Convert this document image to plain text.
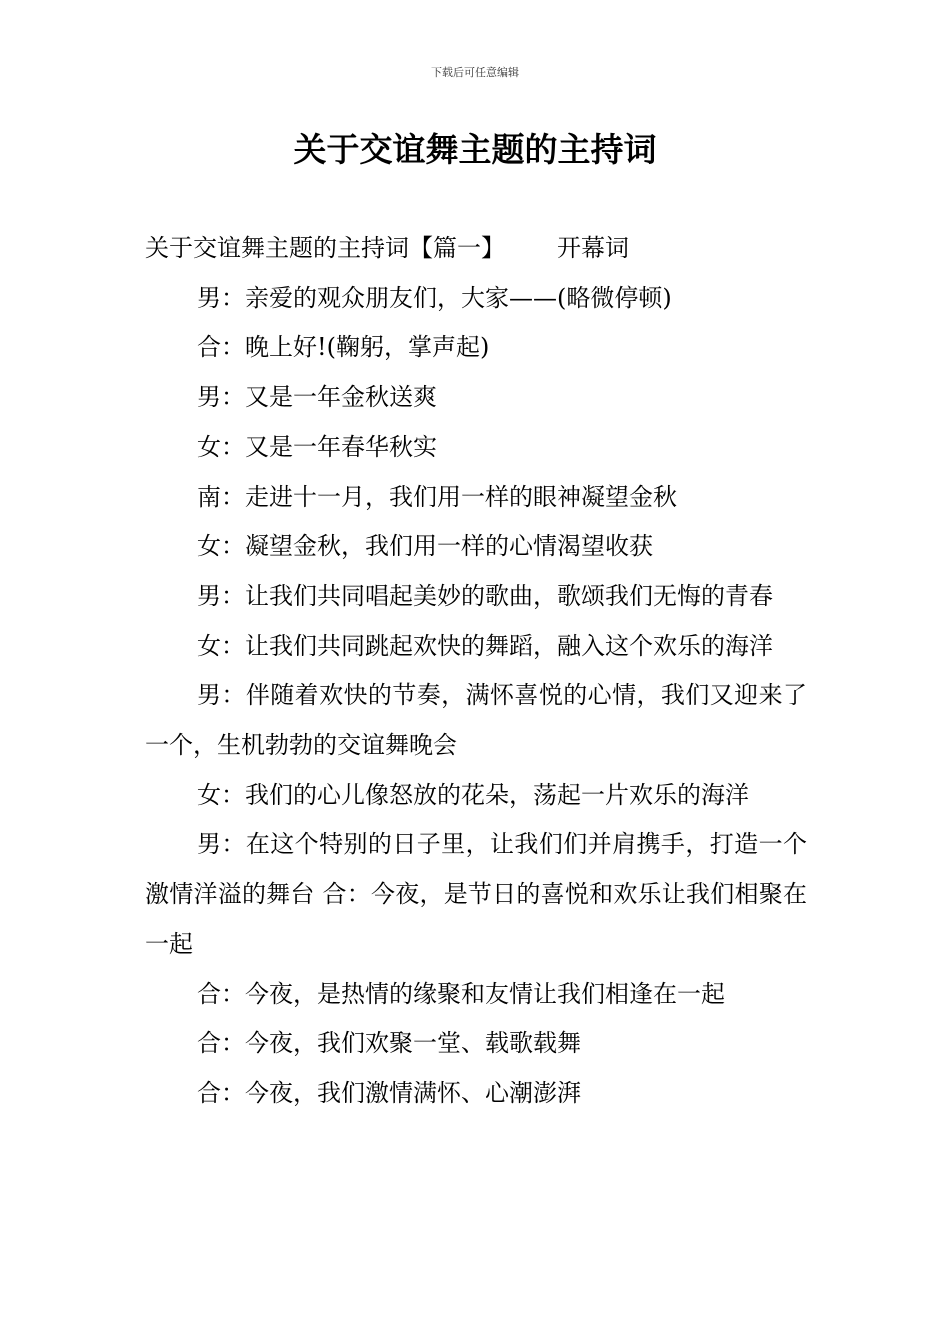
下载后可任意编辑
关于交谊舞主题的主持词

关于交谊舞主题的主持词【篇一】 开幕词

男：亲爱的观众朋友们，大家——(略微停顿)

合：晚上好!(鞠躬，掌声起)

男：又是一年金秋送爽

女：又是一年春华秋实

南：走进十一月，我们用一样的眼神凝望金秋

女：凝望金秋，我们用一样的心情渴望收获

男：让我们共同唱起美妙的歌曲，歌颂我们无悔的青春

女：让我们共同跳起欢快的舞蹈，融入这个欢乐的海洋

男：伴随着欢快的节奏，满怀喜悦的心情，我们又迎来了一个，生机勃勃的交谊舞晚会

女：我们的心儿像怒放的花朵，荡起一片欢乐的海洋

男：在这个特别的日子里，让我们们并肩携手，打造一个激情洋溢的舞台 合：今夜，是节日的喜悦和欢乐让我们相聚在一起

合：今夜，是热情的缘聚和友情让我们相逢在一起

合：今夜，我们欢聚一堂、载歌载舞

合：今夜，我们激情满怀、心潮澎湃
